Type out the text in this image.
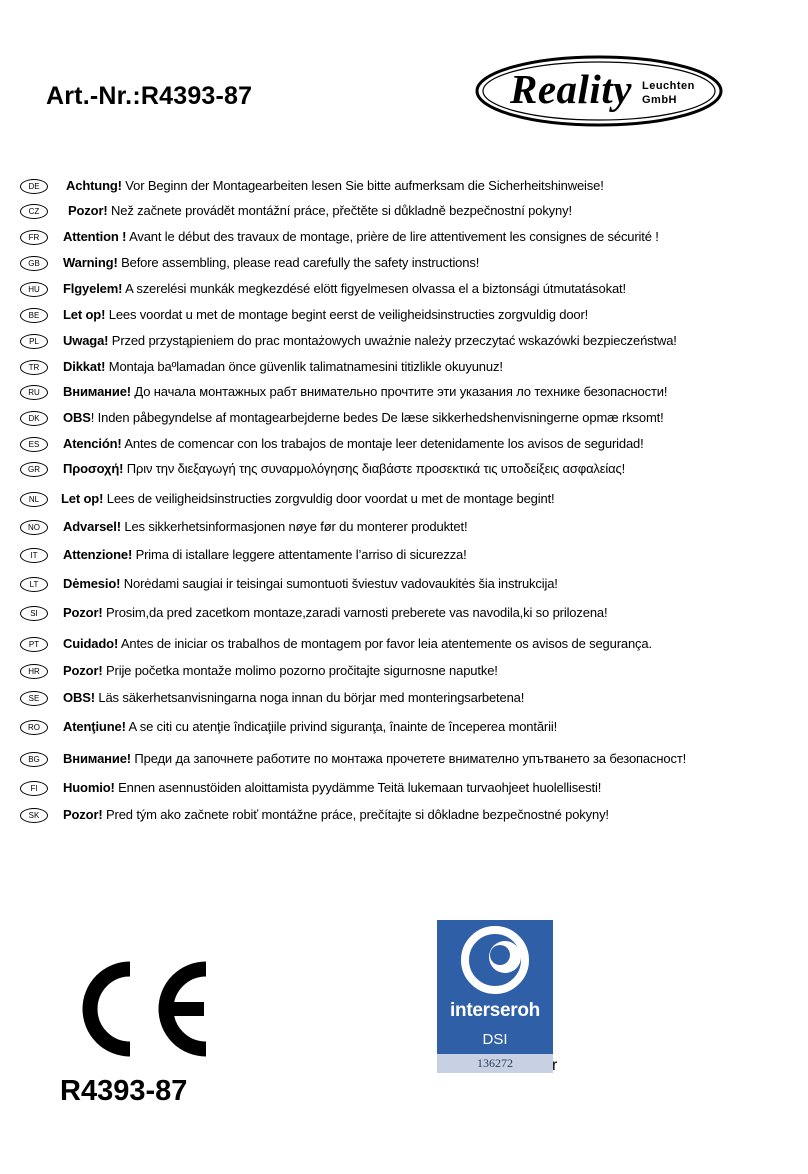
Art.-Nr.:R4393-87	Reality Leuchten
GmbH
DE	Achtung! Vor Beginn der Montagearbeiten lesen Sie bitte aufmerksam die Sicherheitshinweise!
CZ	Pozor! Než začnete provádět montážní práce, přečtěte si důkladně bezpečnostní pokyny!
FR	Attention ! Avant le début des travaux de montage, prière de lire attentivement les consignes de sécurité !
GB	Warning! Before assembling, please read carefully the safety instructions!
HU	Flgyelem! A szerelési munkák megkezdésé elött figyelmesen olvassa el a biztonsági útmutatásokat!
BE	Let op! Lees voordat u met de montage begint eerst de veiligheidsinstructies zorgvuldig door!
PL	Uwaga! Przed przystąpieniem do prac montażowych uważnie należy przeczytać wskazówki bezpieczeństwa!
TR	Dikkat! Montaja baºlamadan önce güvenlik talimatnamesini titizlikle okuyunuz!
RU	Внимание! До начала монтажных рабт внимательно прочтите эти указания ло технике безопасности!
DK	OBS! Inden påbegyndelse af montagearbejderne bedes De læse sikkerhedshenvisningerne opmæ rksomt!
ES	Atención! Antes de comencar con los trabajos de montaje leer detenidamente los avisos de seguridad!
GR	Προσοχή! Πριν την διεξαγωγή της συναρμολόγησης διαβάστε προσεκτικά τις υποδείξεις ασφαλείας!
NL	Let op! Lees de veiligheidsinstructies zorgvuldig door voordat u met de montage begint!
NO	Advarsel! Les sikkerhetsinformasjonen nøye før du monterer produktet!
IT	Attenzione! Prima di istallare leggere attentamente l’arriso di sicurezza!
LT	Dėmesio! Norėdami saugiai ir teisingai sumontuoti šviestuv vadovaukitės šia instrukcija!
SI	Pozor! Prosim,da pred zacetkom montaze,zaradi varnosti preberete vas navodila,ki so prilozena!
PT	Cuidado! Antes de iniciar os trabalhos de montagem por favor leia atentemente os avisos de segurança.
HR	Pozor! Prije početka montaže molimo pozorno pročitajte sigurnosne naputke!
SE	OBS! Läs säkerhetsanvisningarna noga innan du börjar med monteringsarbetena!
RO	Atenţiune! A se citi cu atenţie îndicaţiile privind siguranţa, înainte de începerea montării!
BG	Внимание! Преди да започнете работите по монтажа прочетете внимателно упътването за безопасност!
FI	Huomio! Ennen asennustöiden aloittamista pyydämme Teitä lukemaan turvaohjeet huolellisesti!
SK	Pozor! Pred tým ako začnete robiť montážne práce, prečítajte si dôkladne bezpečnostné pokyny!
R4393-87
interseroh
DSI
136272	r
